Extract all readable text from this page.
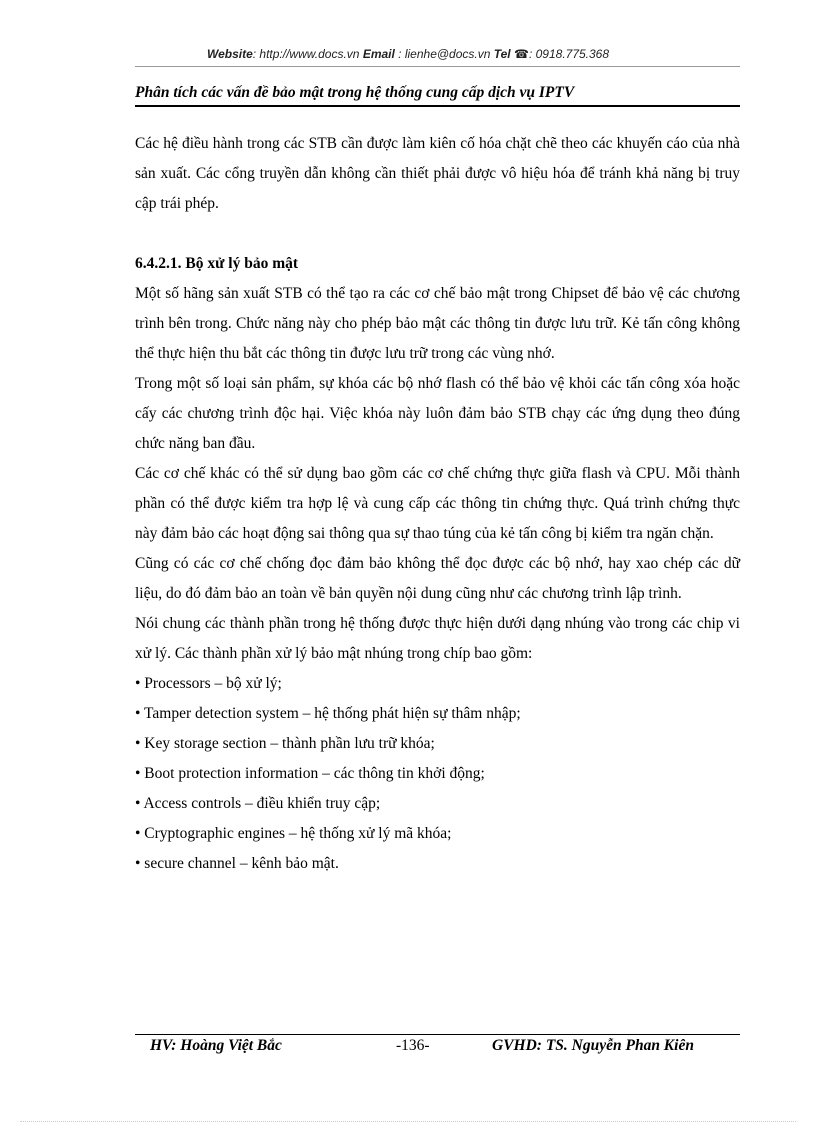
Website: http://www.docs.vn Email : lienhe@docs.vn Tel ☎: 0918.775.368
Phân tích các vấn đề bảo mật trong hệ thống cung cấp dịch vụ IPTV

Các hệ điều hành trong các STB cần được làm kiên cố hóa chặt chẽ theo các khuyến cáo của nhà sản xuất. Các cổng truyền dẫn không cần thiết phải được vô hiệu hóa để tránh khả năng bị truy cập trái phép.

6.4.2.1. Bộ xử lý bảo mật

Một số hãng sản xuất STB có thể tạo ra các cơ chế bảo mật trong Chipset để bảo vệ các chương trình bên trong. Chức năng này cho phép bảo mật các thông tin được lưu trữ. Kẻ tấn công không thể thực hiện thu bắt các thông tin được lưu trữ trong các vùng nhớ.

Trong một số loại sản phẩm, sự khóa các bộ nhớ flash có thể bảo vệ khỏi các tấn công xóa hoặc cấy các chương trình độc hại. Việc khóa này luôn đảm bảo STB chạy các ứng dụng theo đúng chức năng ban đầu.

Các cơ chế khác có thể sử dụng bao gồm các cơ chế chứng thực giữa flash và CPU. Mỗi thành phần có thể được kiểm tra hợp lệ và cung cấp các thông tin chứng thực. Quá trình chứng thực này đảm bảo các hoạt động sai thông qua sự thao túng của kẻ tấn công bị kiểm tra ngăn chặn.

Cũng có các cơ chế chống đọc đảm bảo không thể đọc được các bộ nhớ, hay xao chép các dữ liệu, do đó đảm bảo an toàn về bản quyền nội dung cũng như các chương trình lập trình.

Nói chung các thành phần trong hệ thống được thực hiện dưới dạng nhúng vào trong các chip vi xử lý. Các thành phần xử lý bảo mật nhúng trong chíp bao gồm:

• Processors – bộ xử lý;
• Tamper detection system – hệ thống phát hiện sự thâm nhập;
• Key storage section – thành phần lưu trữ khóa;
• Boot protection information – các thông tin khởi động;
• Access controls – điều khiển truy cập;
• Cryptographic engines – hệ thống xử lý mã khóa;
• secure channel – kênh bảo mật.
HV: Hoàng Việt Bắc	-136-	GVHD: TS. Nguyễn Phan Kiên
